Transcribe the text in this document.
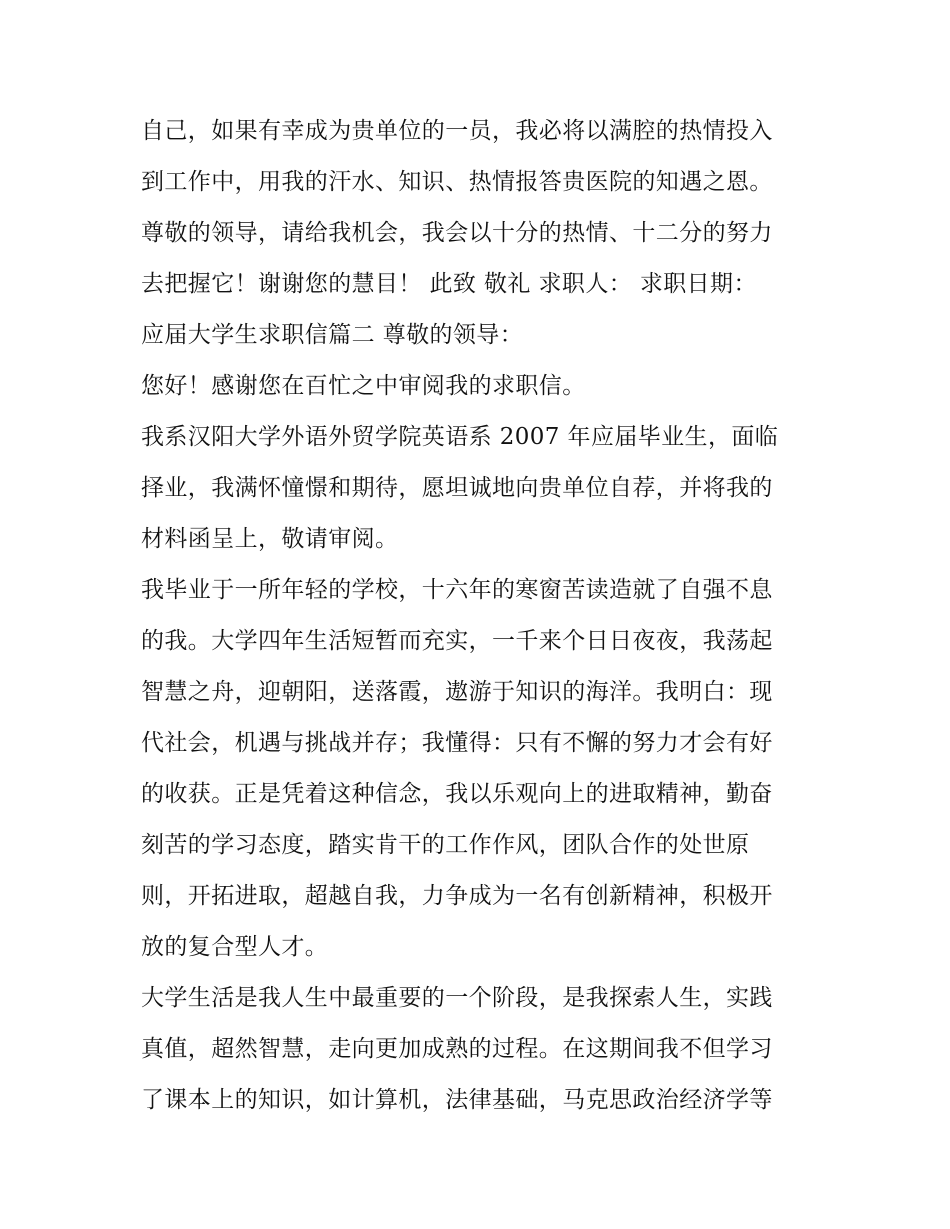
自己，如果有幸成为贵单位的一员，我必将以满腔的热情投入
到工作中，用我的汗水、知识、热情报答贵医院的知遇之恩。
尊敬的领导，请给我机会，我会以十分的热情、十二分的努力
去把握它！谢谢您的慧目！ 此致 敬礼 求职人： 求职日期：
应届大学生求职信篇二 尊敬的领导：
您好！感谢您在百忙之中审阅我的求职信。
我系汉阳大学外语外贸学院英语系 2007 年应届毕业生，面临
择业，我满怀憧憬和期待，愿坦诚地向贵单位自荐，并将我的
材料函呈上，敬请审阅。
我毕业于一所年轻的学校，十六年的寒窗苦读造就了自强不息
的我。大学四年生活短暂而充实，一千来个日日夜夜，我荡起
智慧之舟，迎朝阳，送落霞，遨游于知识的海洋。我明白：现
代社会，机遇与挑战并存；我懂得：只有不懈的努力才会有好
的收获。正是凭着这种信念，我以乐观向上的进取精神，勤奋
刻苦的学习态度，踏实肯干的工作作风，团队合作的处世原
则，开拓进取，超越自我，力争成为一名有创新精神，积极开
放的复合型人才。
大学生活是我人生中最重要的一个阶段，是我探索人生，实践
真值，超然智慧，走向更加成熟的过程。在这期间我不但学习
了课本上的知识，如计算机，法律基础，马克思政治经济学等
